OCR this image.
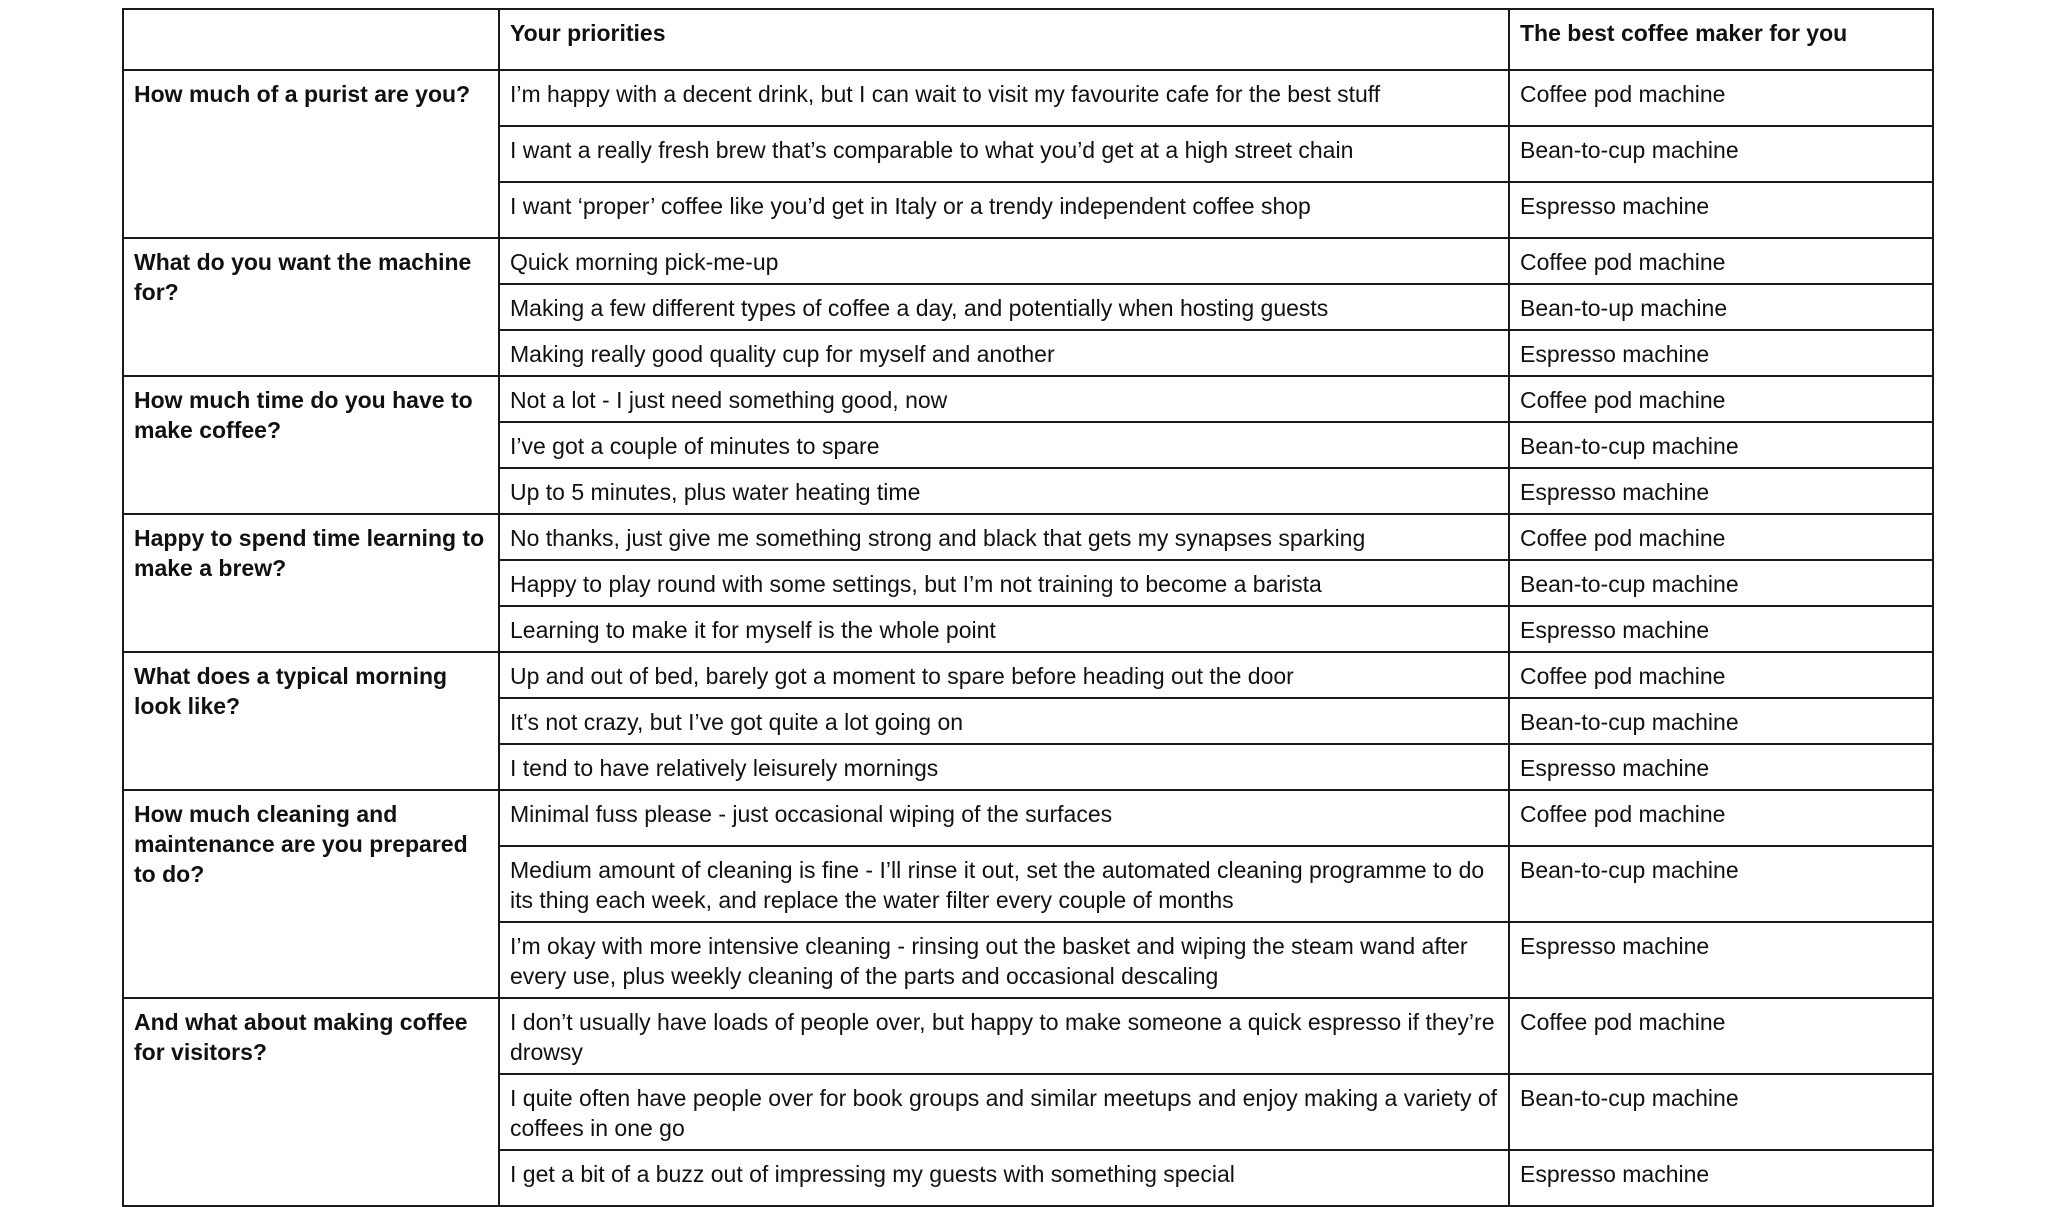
	Your priorities	The best coffee maker for you
How much of a purist are you?	I’m happy with a decent drink, but I can wait to visit my favourite cafe for the best stuff	Coffee pod machine
	I want a really fresh brew that’s comparable to what you’d get at a high street chain	Bean-to-cup machine
	I want ‘proper’ coffee like you’d get in Italy or a trendy independent coffee shop	Espresso machine
What do you want the machine for?	Quick morning pick-me-up	Coffee pod machine
	Making a few different types of coffee a day, and potentially when hosting guests	Bean-to-up machine
	Making really good quality cup for myself and another	Espresso machine
How much time do you have to make coffee?	Not a lot - I just need something good, now	Coffee pod machine
	I’ve got a couple of minutes to spare	Bean-to-cup machine
	Up to 5 minutes, plus water heating time	Espresso machine
Happy to spend time learning to make a brew?	No thanks, just give me something strong and black that gets my synapses sparking	Coffee pod machine
	Happy to play round with some settings, but I’m not training to become a barista	Bean-to-cup machine
	Learning to make it for myself is the whole point	Espresso machine
What does a typical morning look like?	Up and out of bed, barely got a moment to spare before heading out the door	Coffee pod machine
	It’s not crazy, but I’ve got quite a lot going on	Bean-to-cup machine
	I tend to have relatively leisurely mornings	Espresso machine
How much cleaning and maintenance are you prepared to do?	Minimal fuss please - just occasional wiping of the surfaces	Coffee pod machine
	Medium amount of cleaning is fine - I’ll rinse it out, set the automated cleaning programme to do its thing each week, and replace the water filter every couple of months	Bean-to-cup machine
	I’m okay with more intensive cleaning - rinsing out the basket and wiping the steam wand after every use, plus weekly cleaning of the parts and occasional descaling	Espresso machine
And what about making coffee for visitors?	I don’t usually have loads of people over, but happy to make someone a quick espresso if they’re drowsy	Coffee pod machine
	I quite often have people over for book groups and similar meetups and enjoy making a variety of coffees in one go	Bean-to-cup machine
	I get a bit of a buzz out of impressing my guests with something special	Espresso machine
